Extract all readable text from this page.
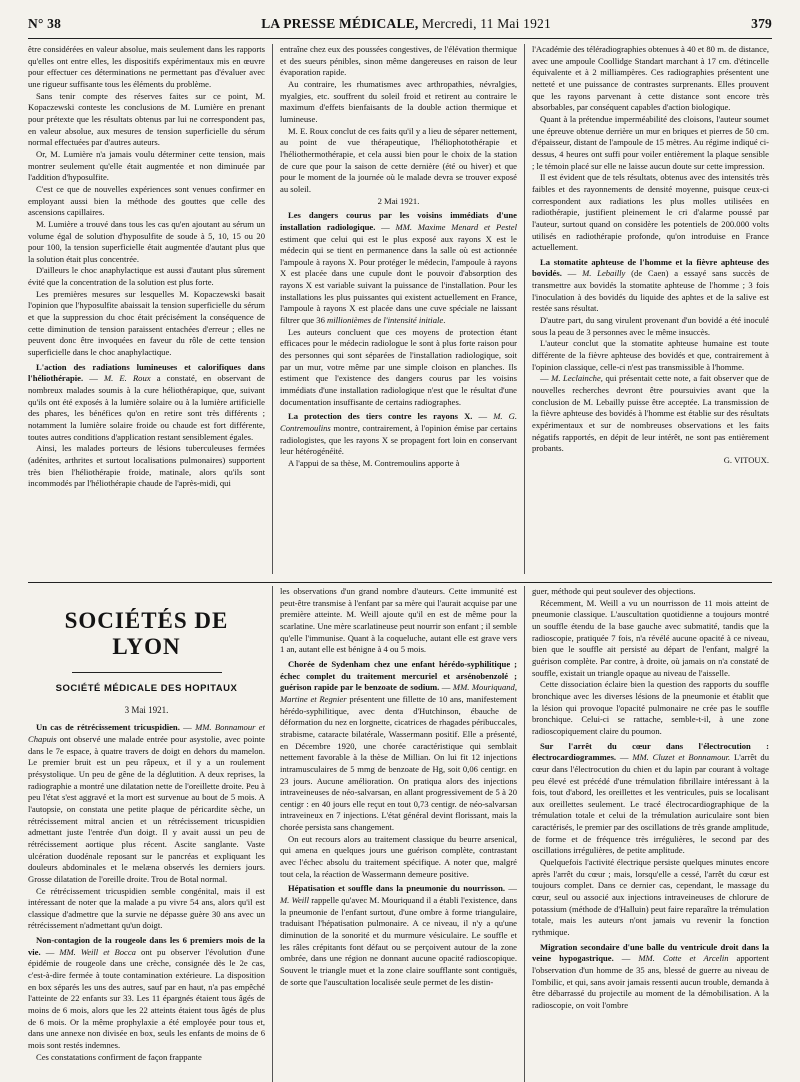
N° 38	LA PRESSE MÉDICALE, Mercredi, 11 Mai 1921	379

être considérées en valeur absolue, mais seulement dans les rapports qu'elles ont entre elles, les dispositifs expérimentaux mis en œuvre pour effectuer ces déterminations ne permettant pas d'évaluer avec une rigueur suffisante tous les éléments du problème.

Sans tenir compte des réserves faites sur ce point, M. Kopaczewski conteste les conclusions de M. Lumière en prenant pour prétexte que les résultats obtenus par lui ne correspondent pas, en valeur absolue, aux mesures de tension superficielle du sérum normal effectuées par d'autres auteurs.

Or, M. Lumière n'a jamais voulu déterminer cette tension, mais montrer seulement qu'elle était augmentée et non diminuée par l'addition d'hyposulfite.

C'est ce que de nouvelles expériences sont venues confirmer en employant aussi bien la méthode des gouttes que celle des ascensions capillaires.

M. Lumière a trouvé dans tous les cas qu'en ajoutant au sérum un volume égal de solution d'hyposulfite de soude à 5, 10, 15 ou 20 pour 100, la tension superficielle était augmentée d'autant plus que la solution était plus concentrée.

D'ailleurs le choc anaphylactique est aussi d'autant plus sûrement évité que la concentration de la solution est plus forte.

Les premières mesures sur lesquelles M. Kopaczewski basait l'opinion que l'hyposulfite abaissait la tension superficielle du sérum et que la suppression du choc était précisément la conséquence de cette diminution de tension paraissent entachées d'erreur ; elles ne peuvent donc être invoquées en faveur du rôle de cette tension superficielle dans le choc anaphylactique.

L'action des radiations lumineuses et calorifiques dans l'héliothérapie. — M. E. Roux a constaté, en observant de nombreux malades soumis à la cure héliothérapique, que, suivant qu'ils ont été exposés à la lumière solaire ou à la lumière artificielle des phares, les bénéfices qu'on en retire sont très différents ; notamment la lumière solaire froide ou chaude est fort différente, toutes autres conditions d'application restant sensiblement égales.

Ainsi, les malades porteurs de lésions tuberculeuses fermées (adénites, arthrites et surtout localisations pulmonaires) supportent très bien l'héliothérapie froide, matinale, alors qu'ils sont incommodés par l'héliothérapie chaude de l'après-midi, qui

entraîne chez eux des poussées congestives, de l'élévation thermique et des sueurs pénibles, sinon même dangereuses en raison de leur évaporation rapide.

Au contraire, les rhumatismes avec arthropathies, névralgies, myalgies, etc. souffrent du soleil froid et retirent au contraire le maximum d'effets bienfaisants de la double action thermique et lumineuse.

M. E. Roux conclut de ces faits qu'il y a lieu de séparer nettement, au point de vue thérapeutique, l'héliophotothérapie et l'héliothermothérapie, et cela aussi bien pour le choix de la station de cure que pour la saison de cette dernière (été ou hiver) et que pour le moment de la journée où le malade devra se trouver exposé au soleil.

2 Mai 1921.

Les dangers courus par les voisins immédiats d'une installation radiologique. — MM. Maxime Menard et Pestel estiment que celui qui est le plus exposé aux rayons X est le médecin qui se tient en permanence dans la salle où est actionnée l'ampoule à rayons X. Pour protéger le médecin, l'ampoule à rayons X est placée dans une cupule dont le pouvoir d'absorption des rayons X est variable suivant la puissance de l'installation. Pour les installations les plus puissantes qui existent actuellement en France, l'ampoule à rayons X est placée dans une cuve spéciale ne laissant filtrer que 36 millionièmes de l'intensité initiale.

Les auteurs concluent que ces moyens de protection étant efficaces pour le médecin radiologue le sont à plus forte raison pour des personnes qui sont séparées de l'installation radiologique, soit par un mur, votre même par une simple cloison en planches. Ils estiment que l'existence des dangers courus par les voisins immédiats d'une installation radiologique n'est que le résultat d'une documentation insuffisante de certains radiographes.

La protection des tiers contre les rayons X. — M. G. Contremoulins montre, contrairement, à l'opinion émise par certains radiologistes, que les rayons X se propagent fort loin en conservant leur hétérogénéité.

A l'appui de sa thèse, M. Contremoulins apporte à

l'Académie des téléradiographies obtenues à 40 et 80 m. de distance, avec une ampoule Coollidge Standart marchant à 17 cm. d'étincelle équivalente et à 2 milliampères. Ces radiographies présentent une netteté et une puissance de contrastes surprenants. Elles prouvent que les rayons parvenant à cette distance sont encore très absorbables, par conséquent capables d'action biologique.

Quant à la prétendue imperméabilité des cloisons, l'auteur soumet une épreuve obtenue derrière un mur en briques et pierres de 50 cm. d'épaisseur, distant de l'ampoule de 15 mètres. Au régime indiqué ci-dessus, 4 heures ont suffi pour voiler entièrement la plaque sensible ; le témoin placé sur elle ne laisse aucun doute sur cette impression.

Il est évident que de tels résultats, obtenus avec des intensités très faibles et des rayonnements de densité moyenne, puisque ceux-ci correspondent aux radiations les plus molles utilisées en radiothérapie, justifient pleinement le cri d'alarme poussé par l'auteur, surtout quand on considère les potentiels de 200.000 volts utilisés en radiothérapie profonde, qu'on introduise en France actuellement.

La stomatite aphteuse de l'homme et la fièvre aphteuse des bovidés. — M. Lebailly (de Caen) a essayé sans succès de transmettre aux bovidés la stomatite aphteuse de l'homme ; 3 fois l'inoculation à des bovidés du liquide des aphtes et de la salive est restée sans résultat.

D'autre part, du sang virulent provenant d'un bovidé a été inoculé sous la peau de 3 personnes avec le même insuccès.

L'auteur conclut que la stomatite aphteuse humaine est toute différente de la fièvre aphteuse des bovidés et que, contrairement à l'opinion classique, celle-ci n'est pas transmissible à l'homme.

— M. Leclainche, qui présentait cette note, a fait observer que de nouvelles recherches devront être poursuivies avant que la conclusion de M. Lebailly puisse être acceptée. La transmission de la fièvre aphteuse des bovidés à l'homme est établie sur des résultats expérimentaux et sur de nombreuses observations et les faits négatifs rapportés, en dépit de leur intérêt, ne sont pas entièrement probants.

G. VITOUX.

SOCIÉTÉS DE LYON
SOCIÉTÉ MÉDICALE DES HOPITAUX
3 Mai 1921.

Un cas de rétrécissement tricuspidien. — MM. Bonnamour et Chapuis ont observé une malade entrée pour asystolie, avec pointe dans le 7e espace, à quatre travers de doigt en dehors du mamelon. Le premier bruit est un peu râpeux, et il y a un roulement présystolique. Un peu de gêne de la déglutition. A deux reprises, la radiographie a montré une dilatation nette de l'oreillette droite. Peu à peu l'état s'est aggravé et la mort est survenue au bout de 5 mois. A l'autopsie, on constata une petite plaque de péricardite sèche, un rétrécissement mitral ancien et un rétrécissement tricuspidien admettant juste l'entrée d'un doigt. Il y avait aussi un peu de rétrécissement aortique plus récent. Ascite sanglante. Vaste ulcération duodénale reposant sur le pancréas et expliquant les douleurs abdominales et le melæna observés les derniers jours. Grosse dilatation de l'oreille droite. Trou de Botal normal.

Ce rétrécissement tricuspidien semble congénital, mais il est intéressant de noter que la malade a pu vivre 54 ans, alors qu'il est classique d'admettre que la survie ne dépasse guère 30 ans avec un rétrécissement n'admettant qu'un doigt.

Non-contagion de la rougeole dans les 6 premiers mois de la vie. — MM. Weill et Bocca ont pu observer l'évolution d'une épidémie de rougeole dans une crèche, consignée dès le 2e cas, c'est-à-dire fermée à toute contamination extérieure. La disposition en box séparés les uns des autres, sauf par en haut, n'a pas empêché l'atteinte de 22 enfants sur 33. Les 11 épargnés étaient tous âgés de moins de 6 mois, alors que les 22 atteints étaient tous âgés de plus de 6 mois. Or la même prophylaxie a été employée pour tous et, dans une annexe non divisée en box, seuls les enfants de moins de 6 mois sont restés indemnes.

Ces constatations confirment de façon frappante

les observations d'un grand nombre d'auteurs. Cette immunité est peut-être transmise à l'enfant par sa mère qui l'aurait acquise par une première atteinte. M. Weill ajoute qu'il en est de même pour la scarlatine. Une mère scarlatineuse peut nourrir son enfant ; il semble qu'elle l'immunise. Quant à la coqueluche, autant elle est grave vers 1 an, autant elle est bénigne à 4 ou 5 mois.

Chorée de Sydenham chez une enfant hérédo-syphilitique ; échec complet du traitement mercuriel et arsénobenzolé ; guérison rapide par le benzoate de sodium. — MM. Mouriquand, Martine et Regnier présentent une fillette de 10 ans, manifestement hérédo-syphilitique, avec denta d'Hutchinson, ébauche de déformation du nez en lorgnette, cicatrices de rhagades péribuccales, strabisme, cataracte bilatérale, Wassermann positif. Elle a présenté, en Décembre 1920, une chorée caractéristique qui semblait nettement favorable à la thèse de Millian. On lui fit 12 injections intramusculaires de 5 mmg de benzoate de Hg, soit 0,06 centigr. en 23 jours. Aucune amélioration. On pratiqua alors des injections intraveineuses de néo-salvarsan, en allant progressivement de 5 à 20 centigr : en 40 jours elle reçut en tout 0,73 centigr. de néo-salvarsan intraveineux en 7 injections. L'état général devint florissant, mais la chorée persista sans changement.

On eut recours alors au traitement classique du beurre arsenical, qui amena en quelques jours une guérison complète, contrastant avec l'échec absolu du traitement spécifique. A noter que, malgré tout cela, la réaction de Wassermann demeure positive.

Hépatisation et souffle dans la pneumonie du nourrisson. — M. Weill rappelle qu'avec M. Mouriquand il a établi l'existence, dans la pneumonie de l'enfant surtout, d'une ombre à forme triangulaire, traduisant l'hépatisation pulmonaire. A ce niveau, il n'y a qu'une diminution de la sonorité et du murmure vésiculaire. Le souffle et les râles crépitants font défaut ou se perçoivent autour de la zone ombrée, dans une région ne donnant aucune opacité radioscopique. Souvent le triangle muet et la zone claire soufflante sont contiguës, de sorte que l'auscultation localisée seule permet de les distin-

guer, méthode qui peut soulever des objections.

Récemment, M. Weill a vu un nourrisson de 11 mois atteint de pneumonie classique. L'auscultation quotidienne a toujours montré un souffle étendu de la base gauche avec submatité, tandis que la radioscopie, pratiquée 7 fois, n'a révélé aucune opacité à ce niveau, bien que le souffle ait persisté au départ de l'enfant, malgré la guérison complète. Par contre, à droite, où jamais on n'a constaté de souffle, existait un triangle opaque au niveau de l'aisselle.

Cette dissociation éclaire bien la question des rapports du souffle bronchique avec les diverses lésions de la pneumonie et établit que la lésion qui provoque l'opacité pulmonaire ne crée pas le souffle bronchique. Celui-ci se rattache, semble-t-il, à une zone radioscopiquement claire du poumon.

Sur l'arrêt du cœur dans l'électrocution : électrocardiogrammes. — MM. Cluzet et Bonnamour. L'arrêt du cœur dans l'électrocution du chien et du lapin par courant à voltage peu élevé est précédé d'une trémulation fibrillaire intéressant à la fois, tout d'abord, les oreillettes et les ventricules, puis se localisant aux oreillettes seulement. Le tracé électrocardiographique de la trémulation totale et celui de la trémulation auriculaire sont bien caractérisés, le premier par des oscillations de très grande amplitude, de forme et de fréquence très irrégulières, le second par des oscillations irrégulières, de petite amplitude.

Quelquefois l'activité électrique persiste quelques minutes encore après l'arrêt du cœur ; mais, lorsqu'elle a cessé, l'arrêt du cœur est toujours complet. Dans ce dernier cas, cependant, le massage du cœur, seul ou associé aux injections intraveineuses de chlorure de potassium (méthode de d'Halluin) peut faire reparaître la trémulation totale, mais les auteurs n'ont jamais vu revenir la fonction rythmique.

Migration secondaire d'une balle du ventricule droit dans la veine hypogastrique. — MM. Cotte et Arcelin apportent l'observation d'un homme de 35 ans, blessé de guerre au niveau de l'ombilic, et qui, sans avoir jamais ressenti aucun trouble, demanda à être débarrassé du projectile au moment de la démobilisation. A la radioscopie, on voit l'ombre
